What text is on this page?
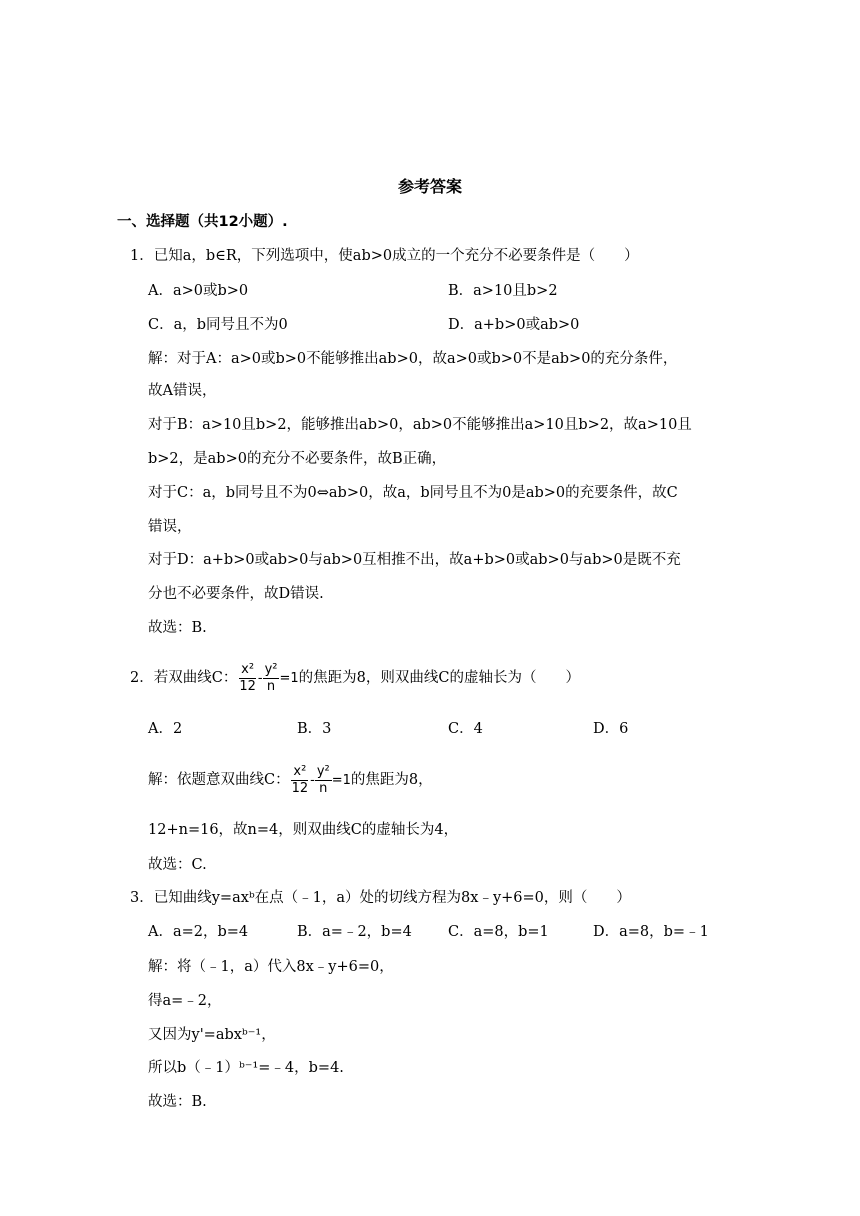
参考答案
一、选择题（共12小题）.
1．已知a，b∈R，下列选项中，使ab>0成立的一个充分不必要条件是（　　）
A．a>0或b>0	B．a>10且b>2
C．a，b同号且不为0	D．a+b>0或ab>0
解：对于A：a>0或b>0不能够推出ab>0，故a>0或b>0不是ab>0的充分条件，
故A错误，
对于B：a>10且b>2，能够推出ab>0，ab>0不能够推出a>10且b>2，故a>10且
b>2，是ab>0的充分不必要条件，故B正确，
对于C：a，b同号且不为0⇔ab>0，故a，b同号且不为0是ab>0的充要条件，故C
错误，
对于D：a+b>0或ab>0与ab>0互相推不出，故a+b>0或ab>0与ab>0是既不充
分也不必要条件，故D错误.
故选：B.
2．若双曲线C： $\frac{\text{x²}}{12} - \frac{\text{y²}}{n} =1$的焦距为8，则双曲线C的虚轴长为（　　）
A．2	B．3	C．4	D．6
解：依题意双曲线C： $\frac{\text{x²}}{12} - \frac{\text{y²}}{n} =1$的焦距为8，
12+n=16，故n=4，则双曲线C的虚轴长为4，
故选：C.
3．已知曲线y=axᵇ在点（﹣1，a）处的切线方程为8x﹣y+6=0，则（　　）
A．a=2，b=4	B．a=﹣2，b=4 C．a=8，b=1	D．a=8，b=﹣1
解：将（﹣1，a）代入8x﹣y+6=0，
得a=﹣2，
又因为y'=abxᵇ⁻¹，
所以b（﹣1）ᵇ⁻¹=﹣4，b=4.
故选：B.
